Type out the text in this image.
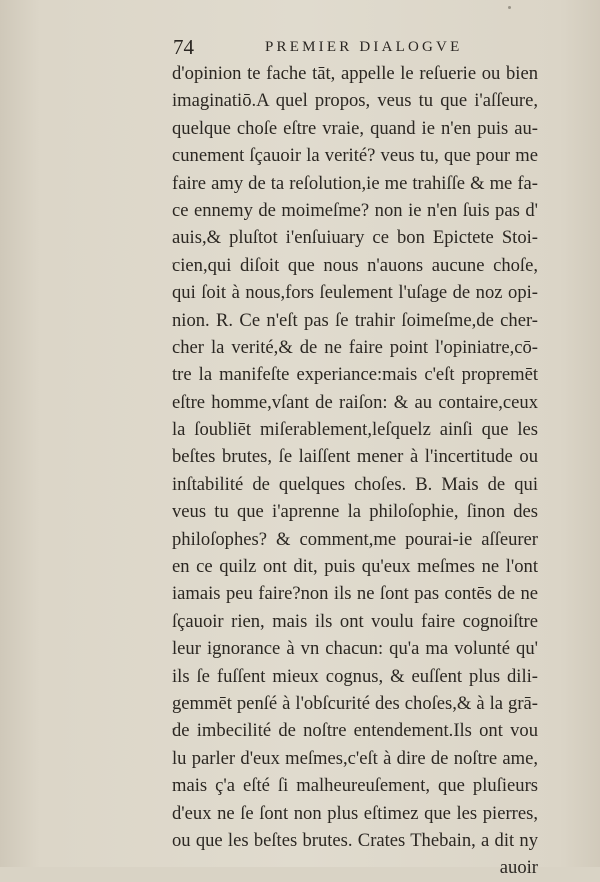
74	PREMIER DIALOGVE
d'opinion te fache tāt, appelle le reſuerie ou bien
imaginatiō.A quel propos, veus tu que i'aſſeure,
quelque choſe eſtre vraie, quand ie n'en puis au-
cunement ſçauoir la verité? veus tu, que pour me
faire amy de ta reſolution,ie me trahiſſe & me fa-
ce ennemy de moimeſme? non ie n'en ſuis pas d'
auis,& pluſtot i'enſuiuary ce bon Epictete Stoi-
cien,qui diſoit que nous n'auons aucune choſe,
qui ſoit à nous,fors ſeulement l'uſage de noz opi-
nion. R. Ce n'eſt pas ſe trahir ſoimeſme,de cher-
cher la verité,& de ne faire point l'opiniatre,cō-
tre la manifeſte experiance:mais c'eſt propremēt
eſtre homme,vſant de raiſon: & au contaire,ceux
la ſoubliēt miſerablement,leſquelz ainſi que les
beſtes brutes, ſe laiſſent mener à l'incertitude ou
inſtabilité de quelques choſes. B. Mais de qui
veus tu que i'aprenne la philoſophie, ſinon des
philoſophes? & comment,me pourai-ie aſſeurer
en ce quilz ont dit, puis qu'eux meſmes ne l'ont
iamais peu faire?non ils ne ſont pas contēs de ne
ſçauoir rien, mais ils ont voulu faire cognoiſtre
leur ignorance à vn chacun: qu'a ma volunté qu'
ils ſe fuſſent mieux cognus, & euſſent plus dili-
gemmēt penſé à l'obſcurité des choſes,& à la grā-
de imbecilité de noſtre entendement.Ils ont vou
lu parler d'eux meſmes,c'eſt à dire de noſtre ame,
mais ç'a eſté ſi malheureuſement, que pluſieurs
d'eux ne ſe ſont non plus eſtimez que les pierres,
ou que les beſtes brutes. Crates Thebain, a dit ny
auoir
